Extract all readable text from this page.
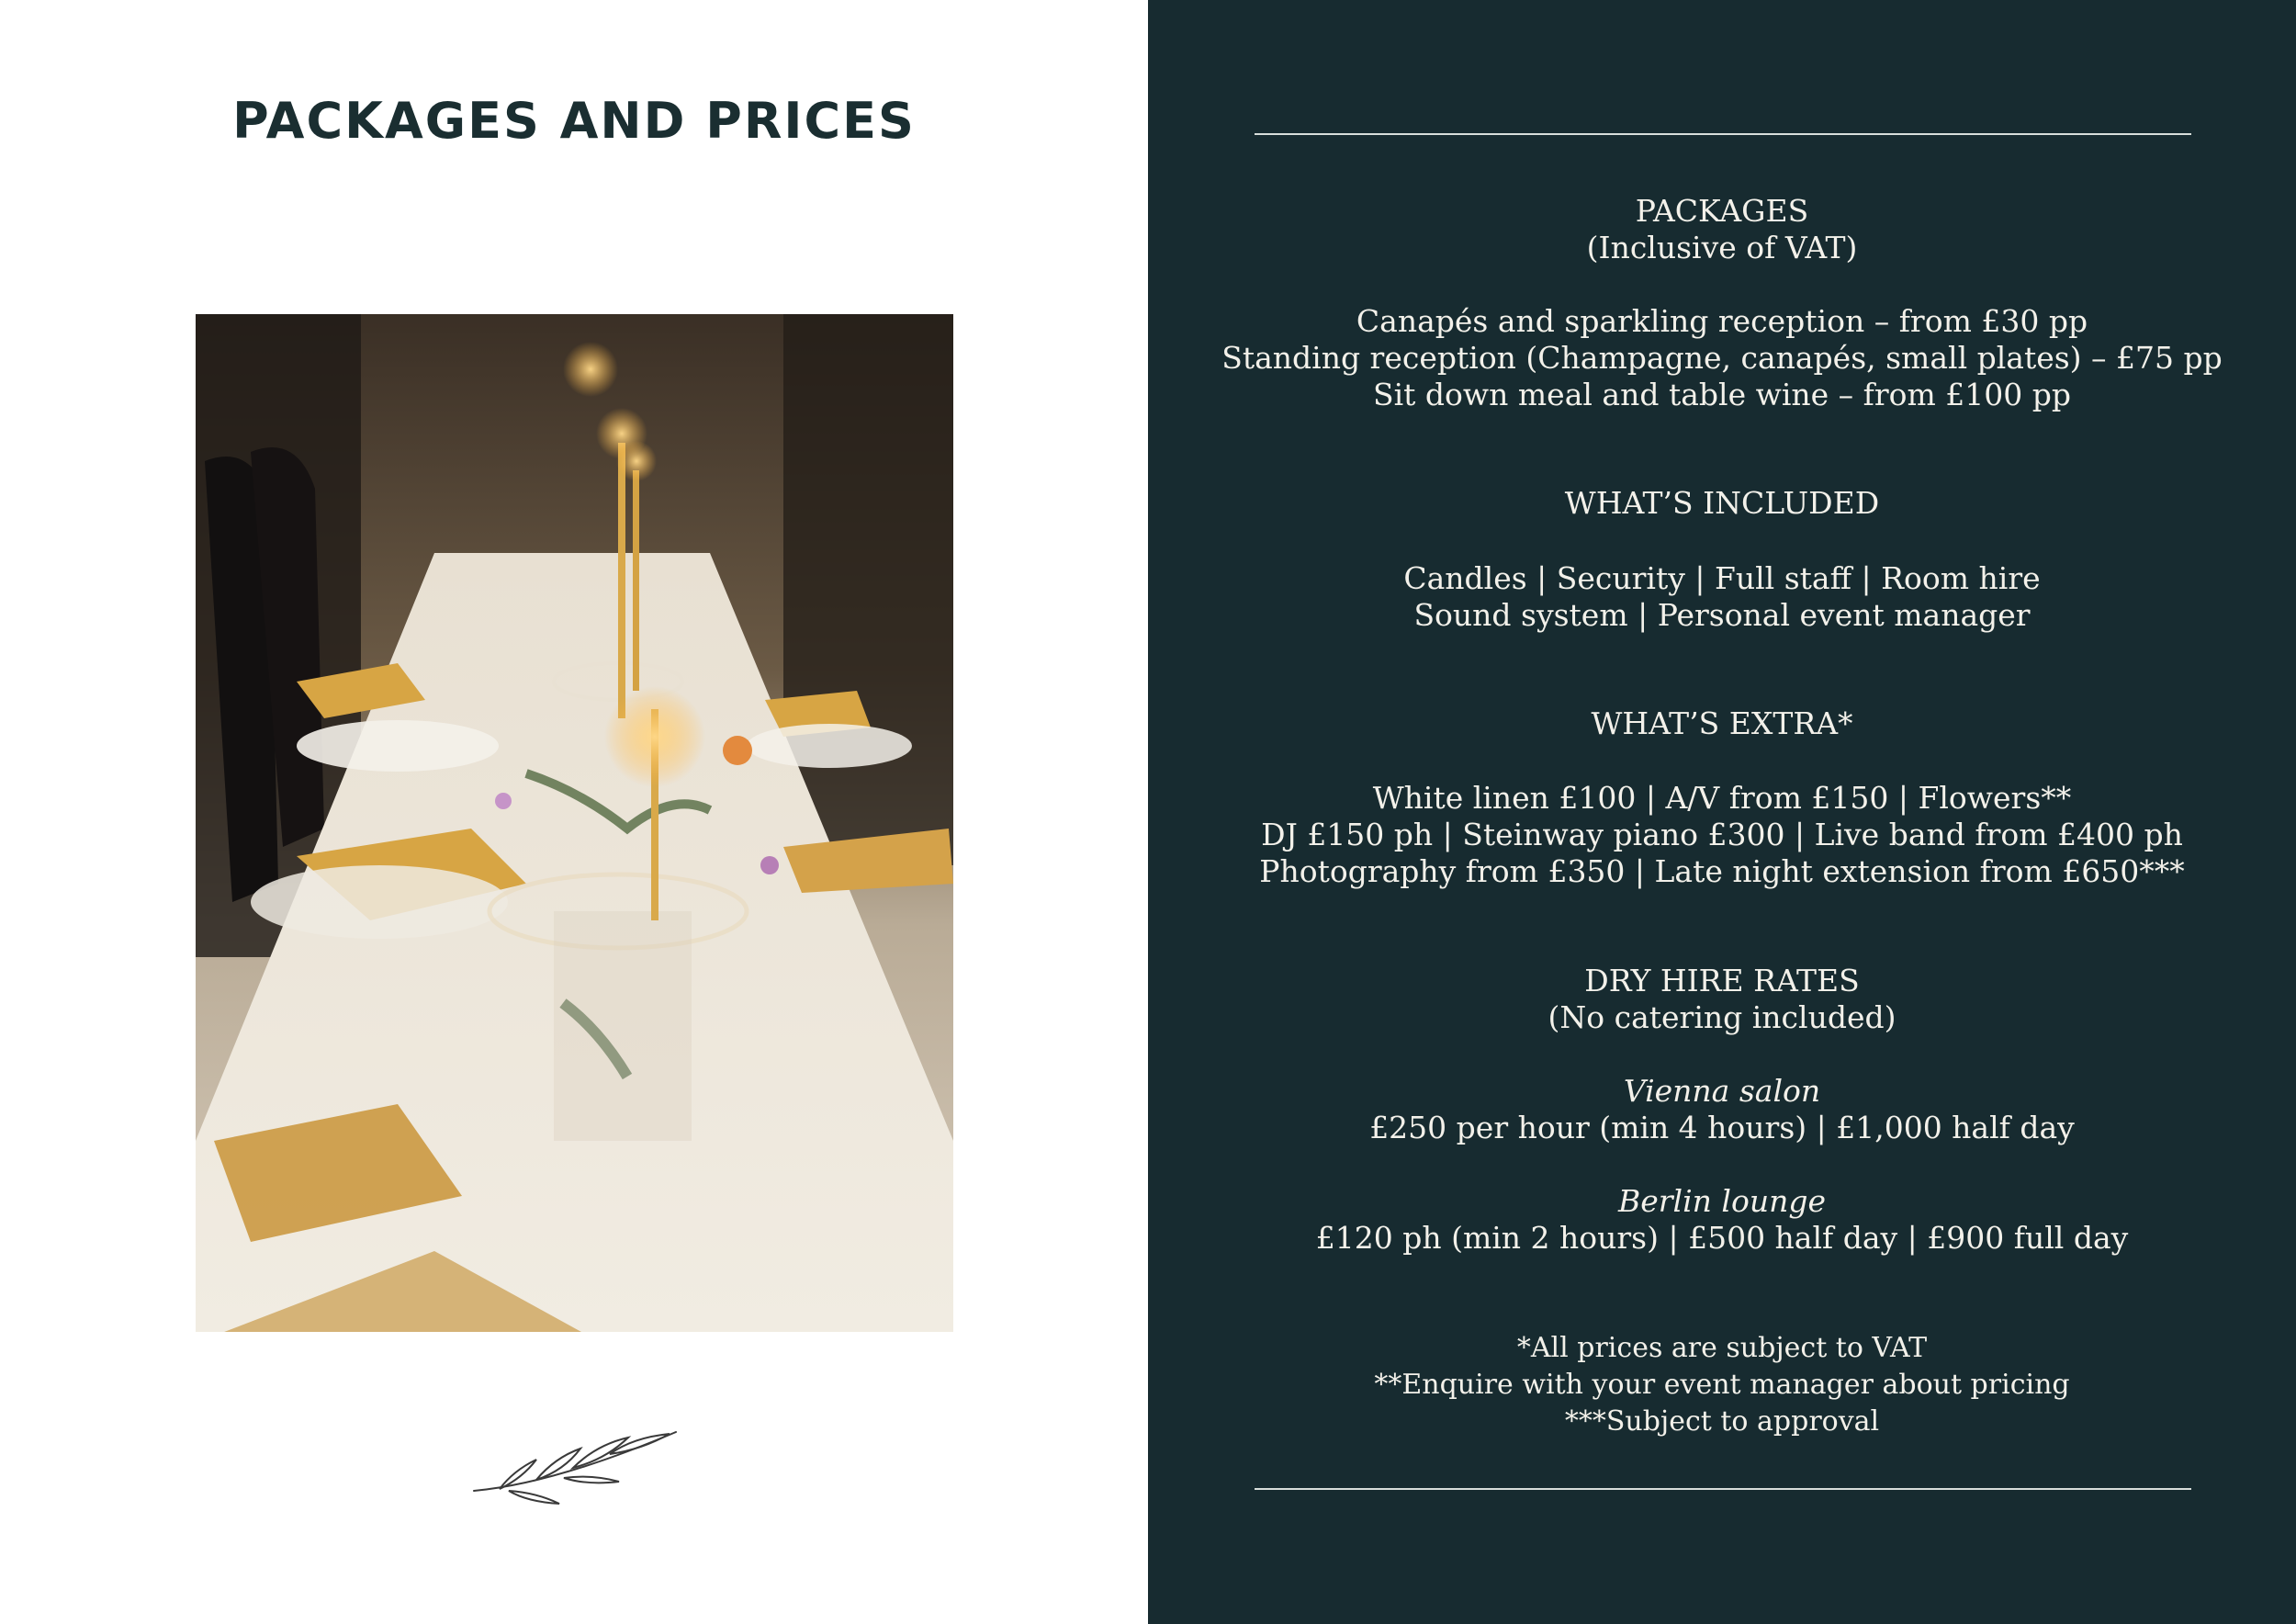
PACKAGES AND PRICES
PACKAGES
(Inclusive of VAT)
Canapés and sparkling reception – from £30 pp
Standing reception (Champagne, canapés, small plates) – £75 pp
Sit down meal and table wine – from £100 pp
WHAT’S INCLUDED
Candles | Security | Full staff | Room hire
Sound system | Personal event manager
WHAT’S EXTRA*
White linen £100 | A/V from £150 | Flowers**
DJ £150 ph | Steinway piano £300 | Live band from £400 ph
Photography from £350 | Late night extension from £650***
DRY HIRE RATES
(No catering included)
Vienna salon
£250 per hour (min 4 hours) | £1,000 half day
Berlin lounge
£120 ph (min 2 hours) | £500 half day | £900 full day
*All prices are subject to VAT
**Enquire with your event manager about pricing
***Subject to approval
